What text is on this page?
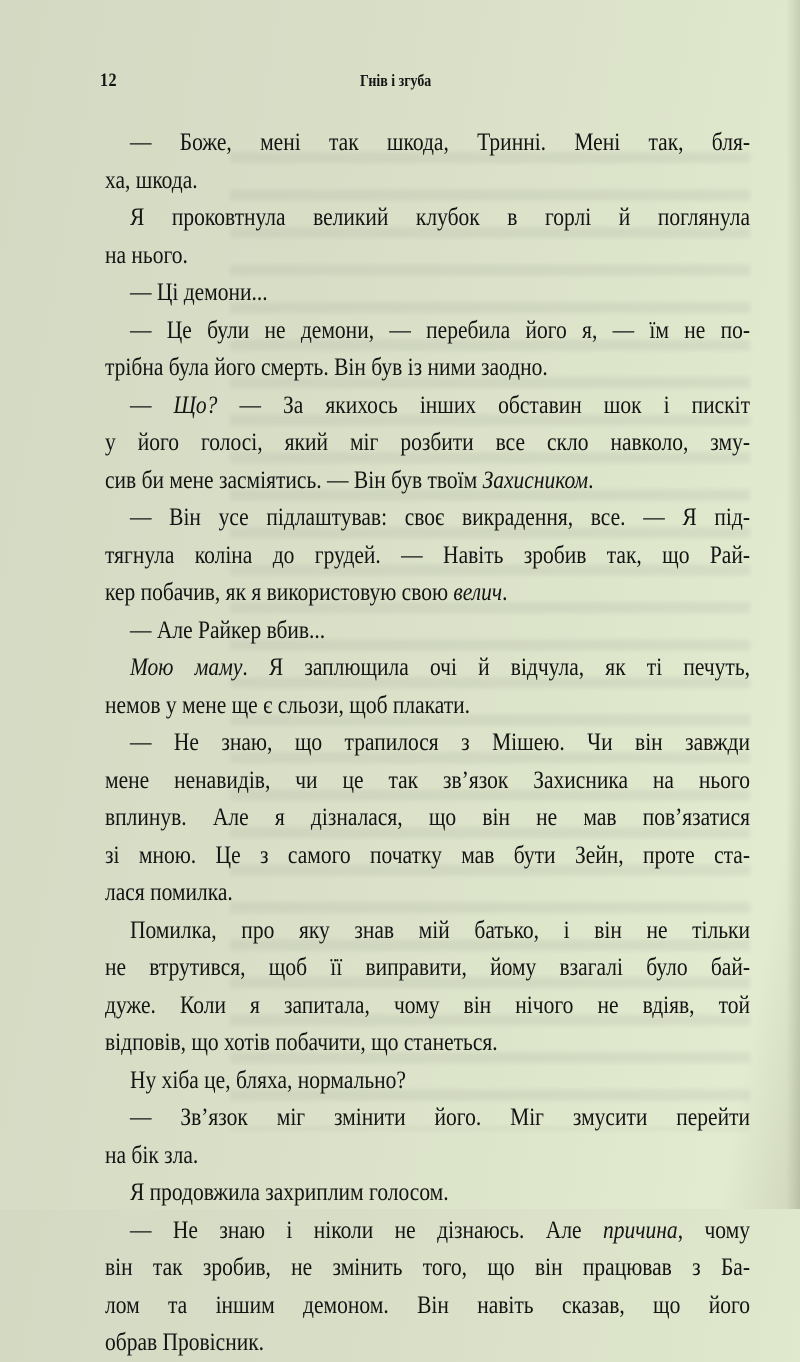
12	Гнів і згуба
— Боже, мені так шкода, Тринні. Мені так, бля-
ха, шкода.
Я проковтнула великий клубок в горлі й поглянула
на нього.
— Ці демони...
— Це були не демони, — перебила його я, — їм не по-
трібна була його смерть. Він був із ними заодно.
— Що? — За якихось інших обставин шок і пискіт
у його голосі, який міг розбити все скло навколо, зму-
сив би мене засміятись. — Він був твоїм Захисником.
— Він усе підлаштував: своє викрадення, все. — Я під-
тягнула коліна до грудей. — Навіть зробив так, що Рай-
кер побачив, як я використовую свою велич.
— Але Райкер вбив...
Мою маму. Я заплющила очі й відчула, як ті печуть,
немов у мене ще є сльози, щоб плакати.
— Не знаю, що трапилося з Мішею. Чи він завжди
мене ненавидів, чи це так зв’язок Захисника на нього
вплинув. Але я дізналася, що він не мав пов’язатися
зі мною. Це з самого початку мав бути Зейн, проте ста-
лася помилка.
Помилка, про яку знав мій батько, і він не тільки
не втрутився, щоб її виправити, йому взагалі було бай-
дуже. Коли я запитала, чому він нічого не вдіяв, той
відповів, що хотів побачити, що станеться.
Ну хіба це, бляха, нормально?
— Зв’язок міг змінити його. Міг змусити перейти
на бік зла.
Я продовжила захриплим голосом.
— Не знаю і ніколи не дізнаюсь. Але причина, чому
він так зробив, не змінить того, що він працював з Ба-
лом та іншим демоном. Він навіть сказав, що його
обрав Провісник.
